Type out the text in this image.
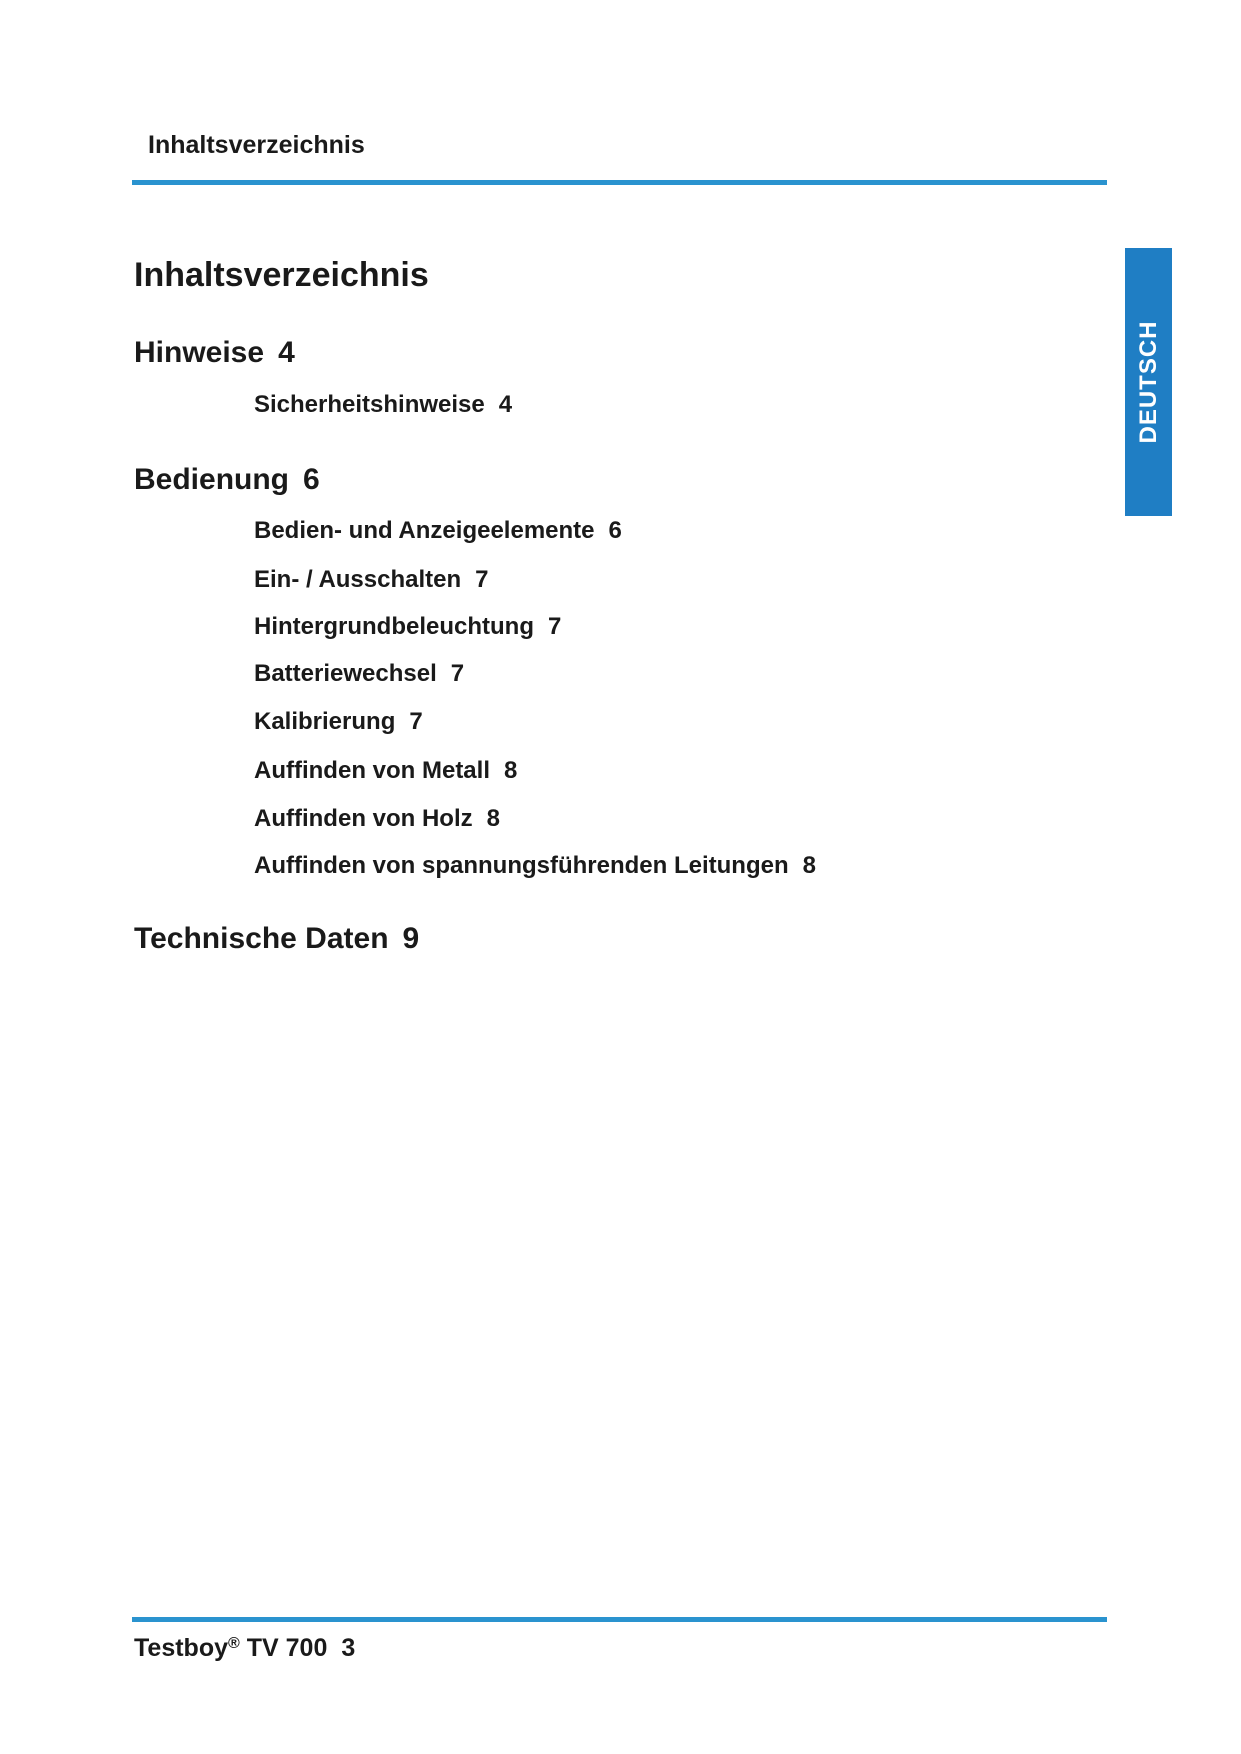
Inhaltsverzeichnis
DEUTSCH
Inhaltsverzeichnis
Hinweise 4
Sicherheitshinweise 4
Bedienung 6
Bedien- und Anzeigeelemente 6
Ein- / Ausschalten 7
Hintergrundbeleuchtung 7
Batteriewechsel 7
Kalibrierung 7
Auffinden von Metall 8
Auffinden von Holz 8
Auffinden von spannungsführenden Leitungen 8
Technische Daten 9
Testboy® TV 700 3
